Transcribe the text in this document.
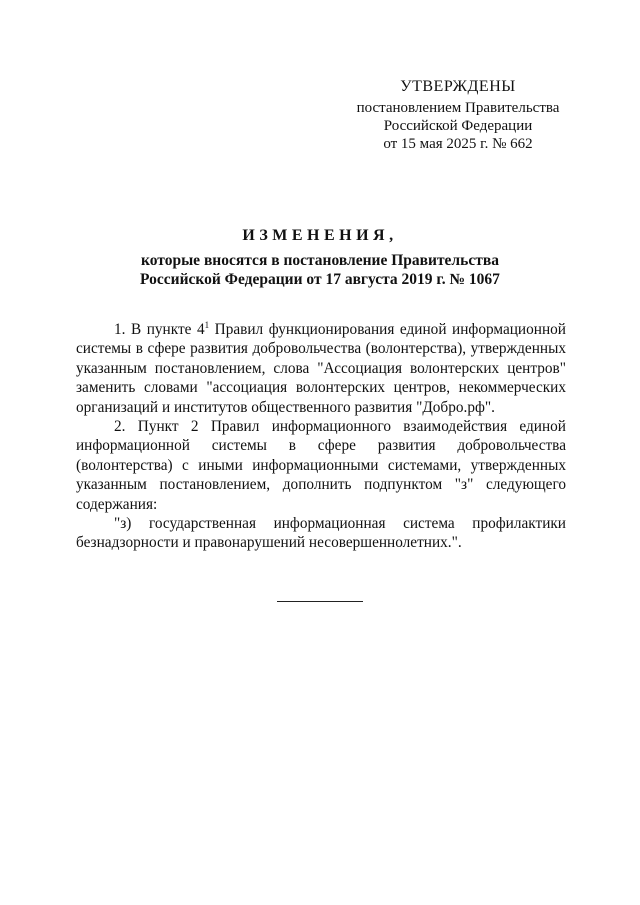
УТВЕРЖДЕНЫ
постановлением Правительства
Российской Федерации
от 15 мая 2025 г. № 662
ИЗМЕНЕНИЯ,
которые вносятся в постановление Правительства
Российской Федерации от 17 августа 2019 г. № 1067

1. В пункте $4^1$ Правил функционирования единой информационной системы в сфере развития добровольчества (волонтерства), утвержденных указанным постановлением, слова "Ассоциация волонтерских центров" заменить словами "ассоциация волонтерских центров, некоммерческих организаций и институтов общественного развития "Добро.рф".

2. Пункт 2 Правил информационного взаимодействия единой информационной системы в сфере развития добровольчества (волонтерства) с иными информационными системами, утвержденных указанным постановлением, дополнить подпунктом "з" следующего содержания:

"з) государственная информационная система профилактики безнадзорности и правонарушений несовершеннолетних.".
